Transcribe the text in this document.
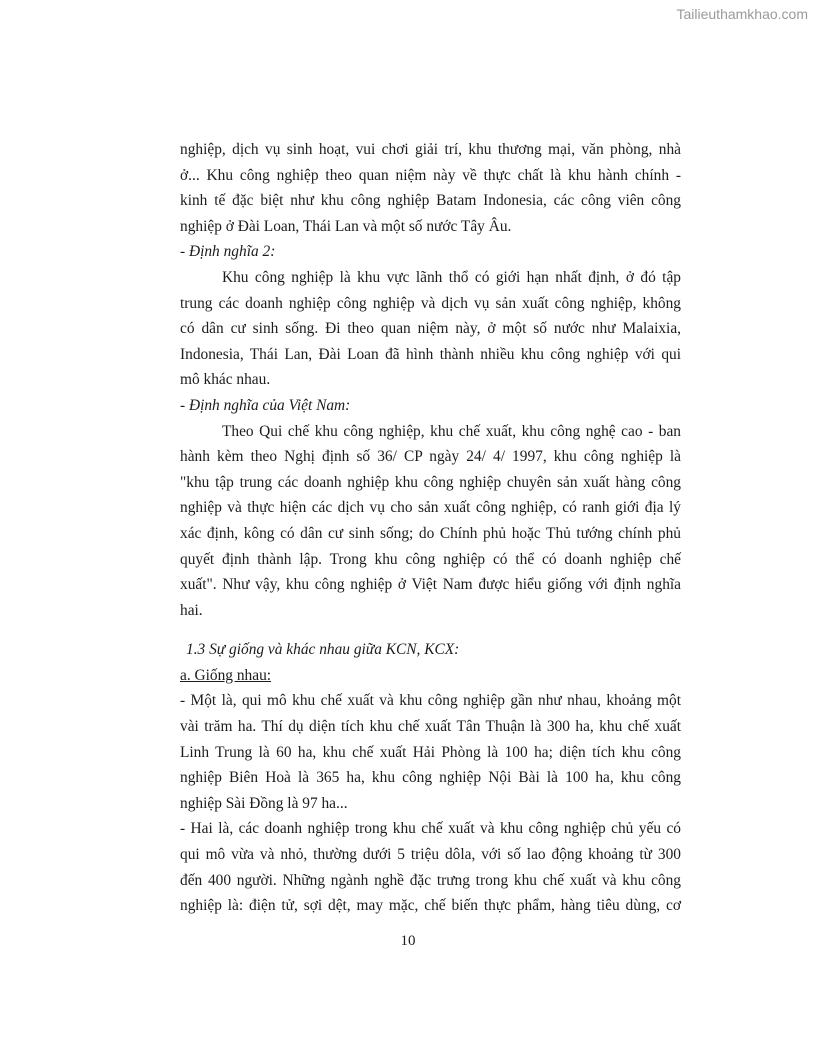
Tailieuthamkhao.com
nghiệp, dịch vụ sinh hoạt, vui chơi giải trí, khu thương mại, văn phòng, nhà
ở... Khu công nghiệp theo quan niệm này về thực chất là khu hành chính -
kinh tế đặc biệt như khu công nghiệp Batam Indonesia, các công viên công
nghiệp ở Đài Loan, Thái Lan và một số nước Tây Âu.
- Định nghĩa 2:
Khu công nghiệp là khu vực lãnh thổ có giới hạn nhất định, ở đó tập
trung các doanh nghiệp công nghiệp và dịch vụ sản xuất công nghiệp, không
có dân cư sinh sống. Đi theo quan niệm này, ở một số nước như Malaixia,
Indonesia, Thái Lan, Đài Loan đã hình thành nhiều khu công nghiệp với qui
mô khác nhau.
- Định nghĩa của Việt Nam:
Theo Qui chế khu công nghiệp, khu chế xuất, khu công nghệ cao - ban
hành kèm theo Nghị định số 36/ CP ngày 24/ 4/ 1997, khu công nghiệp là
"khu tập trung các doanh nghiệp khu công nghiệp chuyên sản xuất hàng công
nghiệp và thực hiện các dịch vụ cho sản xuất công nghiệp, có ranh giới địa lý
xác định, kông có dân cư sinh sống; do Chính phủ hoặc Thủ tướng chính phủ
quyết định thành lập. Trong khu công nghiệp có thể có doanh nghiệp chế
xuất". Như vậy, khu công nghiệp ở Việt Nam được hiểu giống với định nghĩa
hai.
1.3 Sự giống và khác nhau giữa KCN, KCX:
a. Giống nhau:
- Một là, qui mô khu chế xuất và khu công nghiệp gần như nhau, khoảng một
vài trăm ha. Thí dụ diện tích khu chế xuất Tân Thuận là 300 ha, khu chế xuất
Linh Trung là 60 ha, khu chế xuất Hải Phòng là 100 ha; diện tích khu công
nghiệp Biên Hoà là 365 ha, khu công nghiệp Nội Bài là 100 ha, khu công
nghiệp Sài Đồng là 97 ha...
- Hai là, các doanh nghiệp trong khu chế xuất và khu công nghiệp chủ yếu có
qui mô vừa và nhỏ, thường dưới 5 triệu dôla, với số lao động khoảng từ 300
đến 400 người. Những ngành nghề đặc trưng trong khu chế xuất và khu công
nghiệp là: điện tử, sợi dệt, may mặc, chế biến thực phẩm, hàng tiêu dùng, cơ
10
